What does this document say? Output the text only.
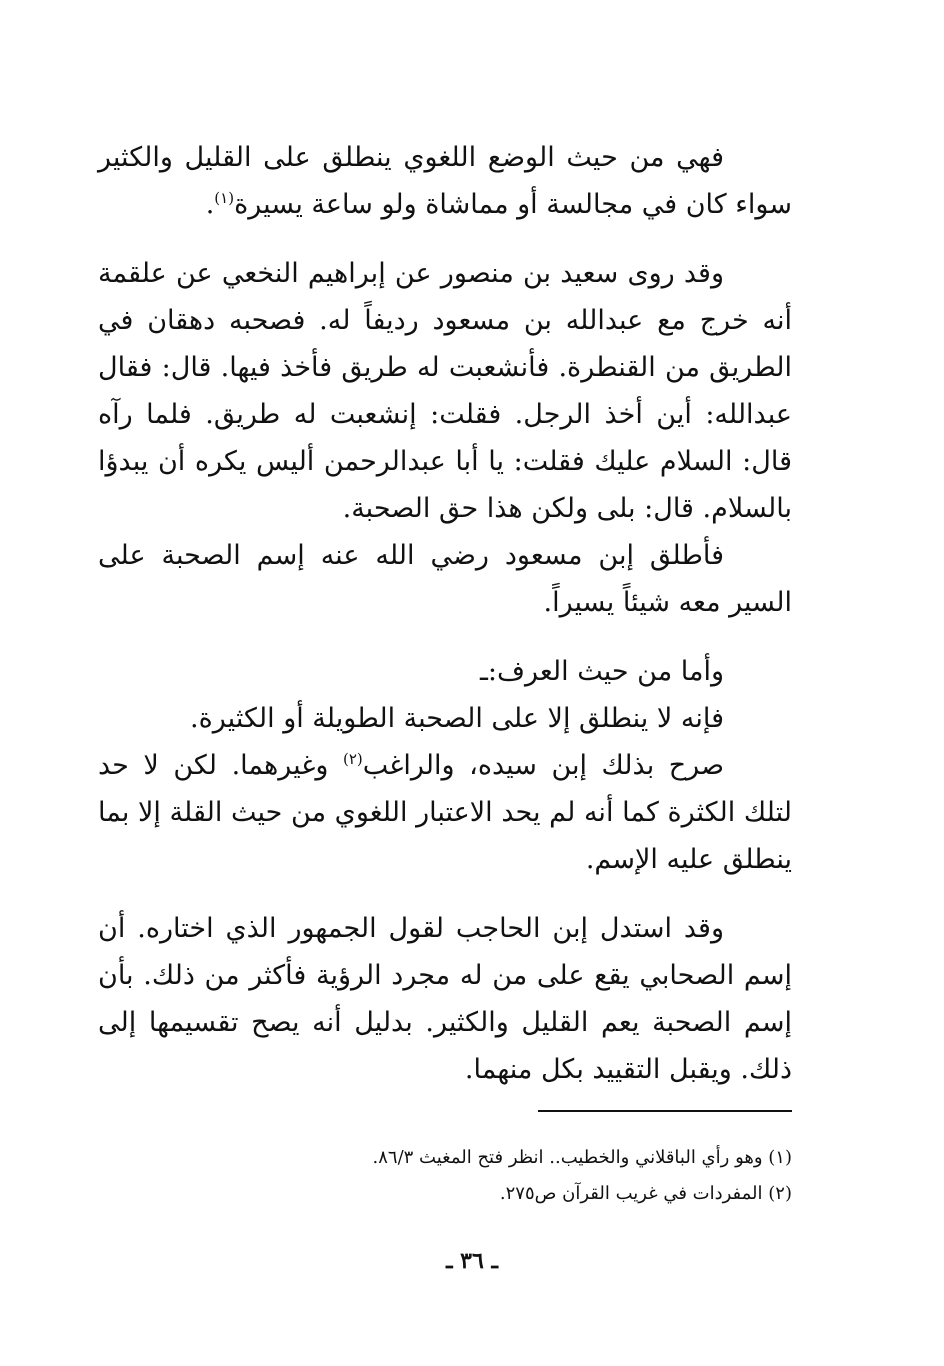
فهي من حيث الوضع اللغوي ينطلق على القليل والكثير سواء كان في مجالسة أو مماشاة ولو ساعة يسيرة$^{(١)}$.

وقد روى سعيد بن منصور عن إبراهيم النخعي عن علقمة أنه خرج مع عبدالله بن مسعود رديفاً له. فصحبه دهقان في الطريق من القنطرة. فأنشعبت له طريق فأخذ فيها. قال: فقال عبدالله: أين أخذ الرجل. فقلت: إنشعبت له طريق. فلما رآه قال: السلام عليك فقلت: يا أبا عبدالرحمن أليس يكره أن يبدؤا بالسلام. قال: بلى ولكن هذا حق الصحبة.

فأطلق إبن مسعود رضي الله عنه إسم الصحبة على السير معه شيئاً يسيراً.

وأما من حيث العرف:ـ

فإنه لا ينطلق إلا على الصحبة الطويلة أو الكثيرة.

صرح بذلك إبن سيده، والراغب$^{(٢)}$ وغيرهما. لكن لا حد لتلك الكثرة كما أنه لم يحد الاعتبار اللغوي من حيث القلة إلا بما ينطلق عليه الإسم.

وقد استدل إبن الحاجب لقول الجمهور الذي اختاره. أن إسم الصحابي يقع على من له مجرد الرؤية فأكثر من ذلك. بأن إسم الصحبة يعم القليل والكثير. بدليل أنه يصح تقسيمها إلى ذلك. ويقبل التقييد بكل منهما.

(١) وهو رأي الباقلاني والخطيب.. انظر فتح المغيث ٨٦/٣.

(٢) المفردات في غريب القرآن ص٢٧٥.

ـ ٣٦ ـ
